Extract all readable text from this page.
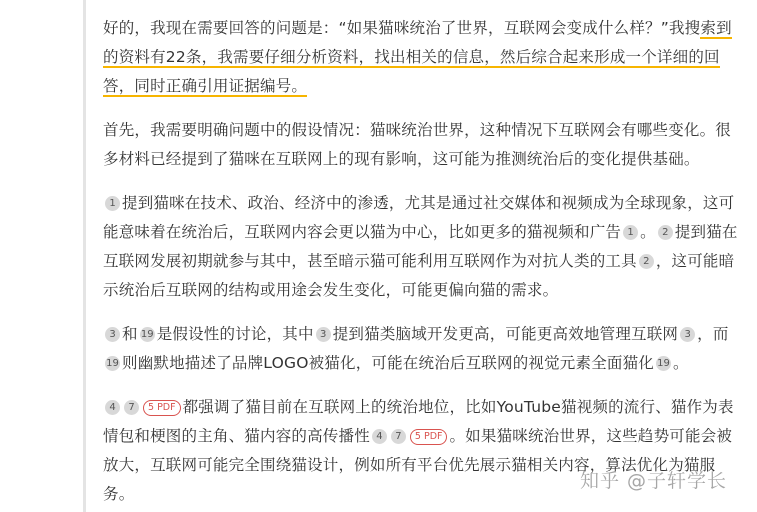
好的，我现在需要回答的问题是：“如果猫咪统治了世界，互联网会变成什么样？”我搜索到的资料有22条，我需要仔细分析资料，找出相关的信息，然后综合起来形成一个详细的回答，同时正确引用证据编号。

首先，我需要明确问题中的假设情况：猫咪统治世界，这种情况下互联网会有哪些变化。很多材料已经提到了猫咪在互联网上的现有影响，这可能为推测统治后的变化提供基础。

1 提到猫咪在技术、政治、经济中的渗透，尤其是通过社交媒体和视频成为全球现象，这可能意味着在统治后，互联网内容会更以猫为中心，比如更多的猫视频和广告 1 。 2 提到猫在互联网发展初期就参与其中，甚至暗示猫可能利用互联网作为对抗人类的工具 2 ，这可能暗示统治后互联网的结构或用途会发生变化，可能更偏向猫的需求。

3 和 19 是假设性的讨论，其中 3 提到猫类脑域开发更高，可能更高效地管理互联网 3 ，而19 则幽默地描述了品牌LOGO被猫化，可能在统治后互联网的视觉元素全面猫化 19 。

4 7 5 PDF 都强调了猫目前在互联网上的统治地位，比如YouTube猫视频的流行、猫作为表情包和梗图的主角、猫内容的高传播性 4 7 5 PDF 。如果猫咪统治世界，这些趋势可能会被放大，互联网可能完全围绕猫设计，例如所有平台优先展示猫相关内容，算法优化为猫服务。

知乎 @子轩学长
